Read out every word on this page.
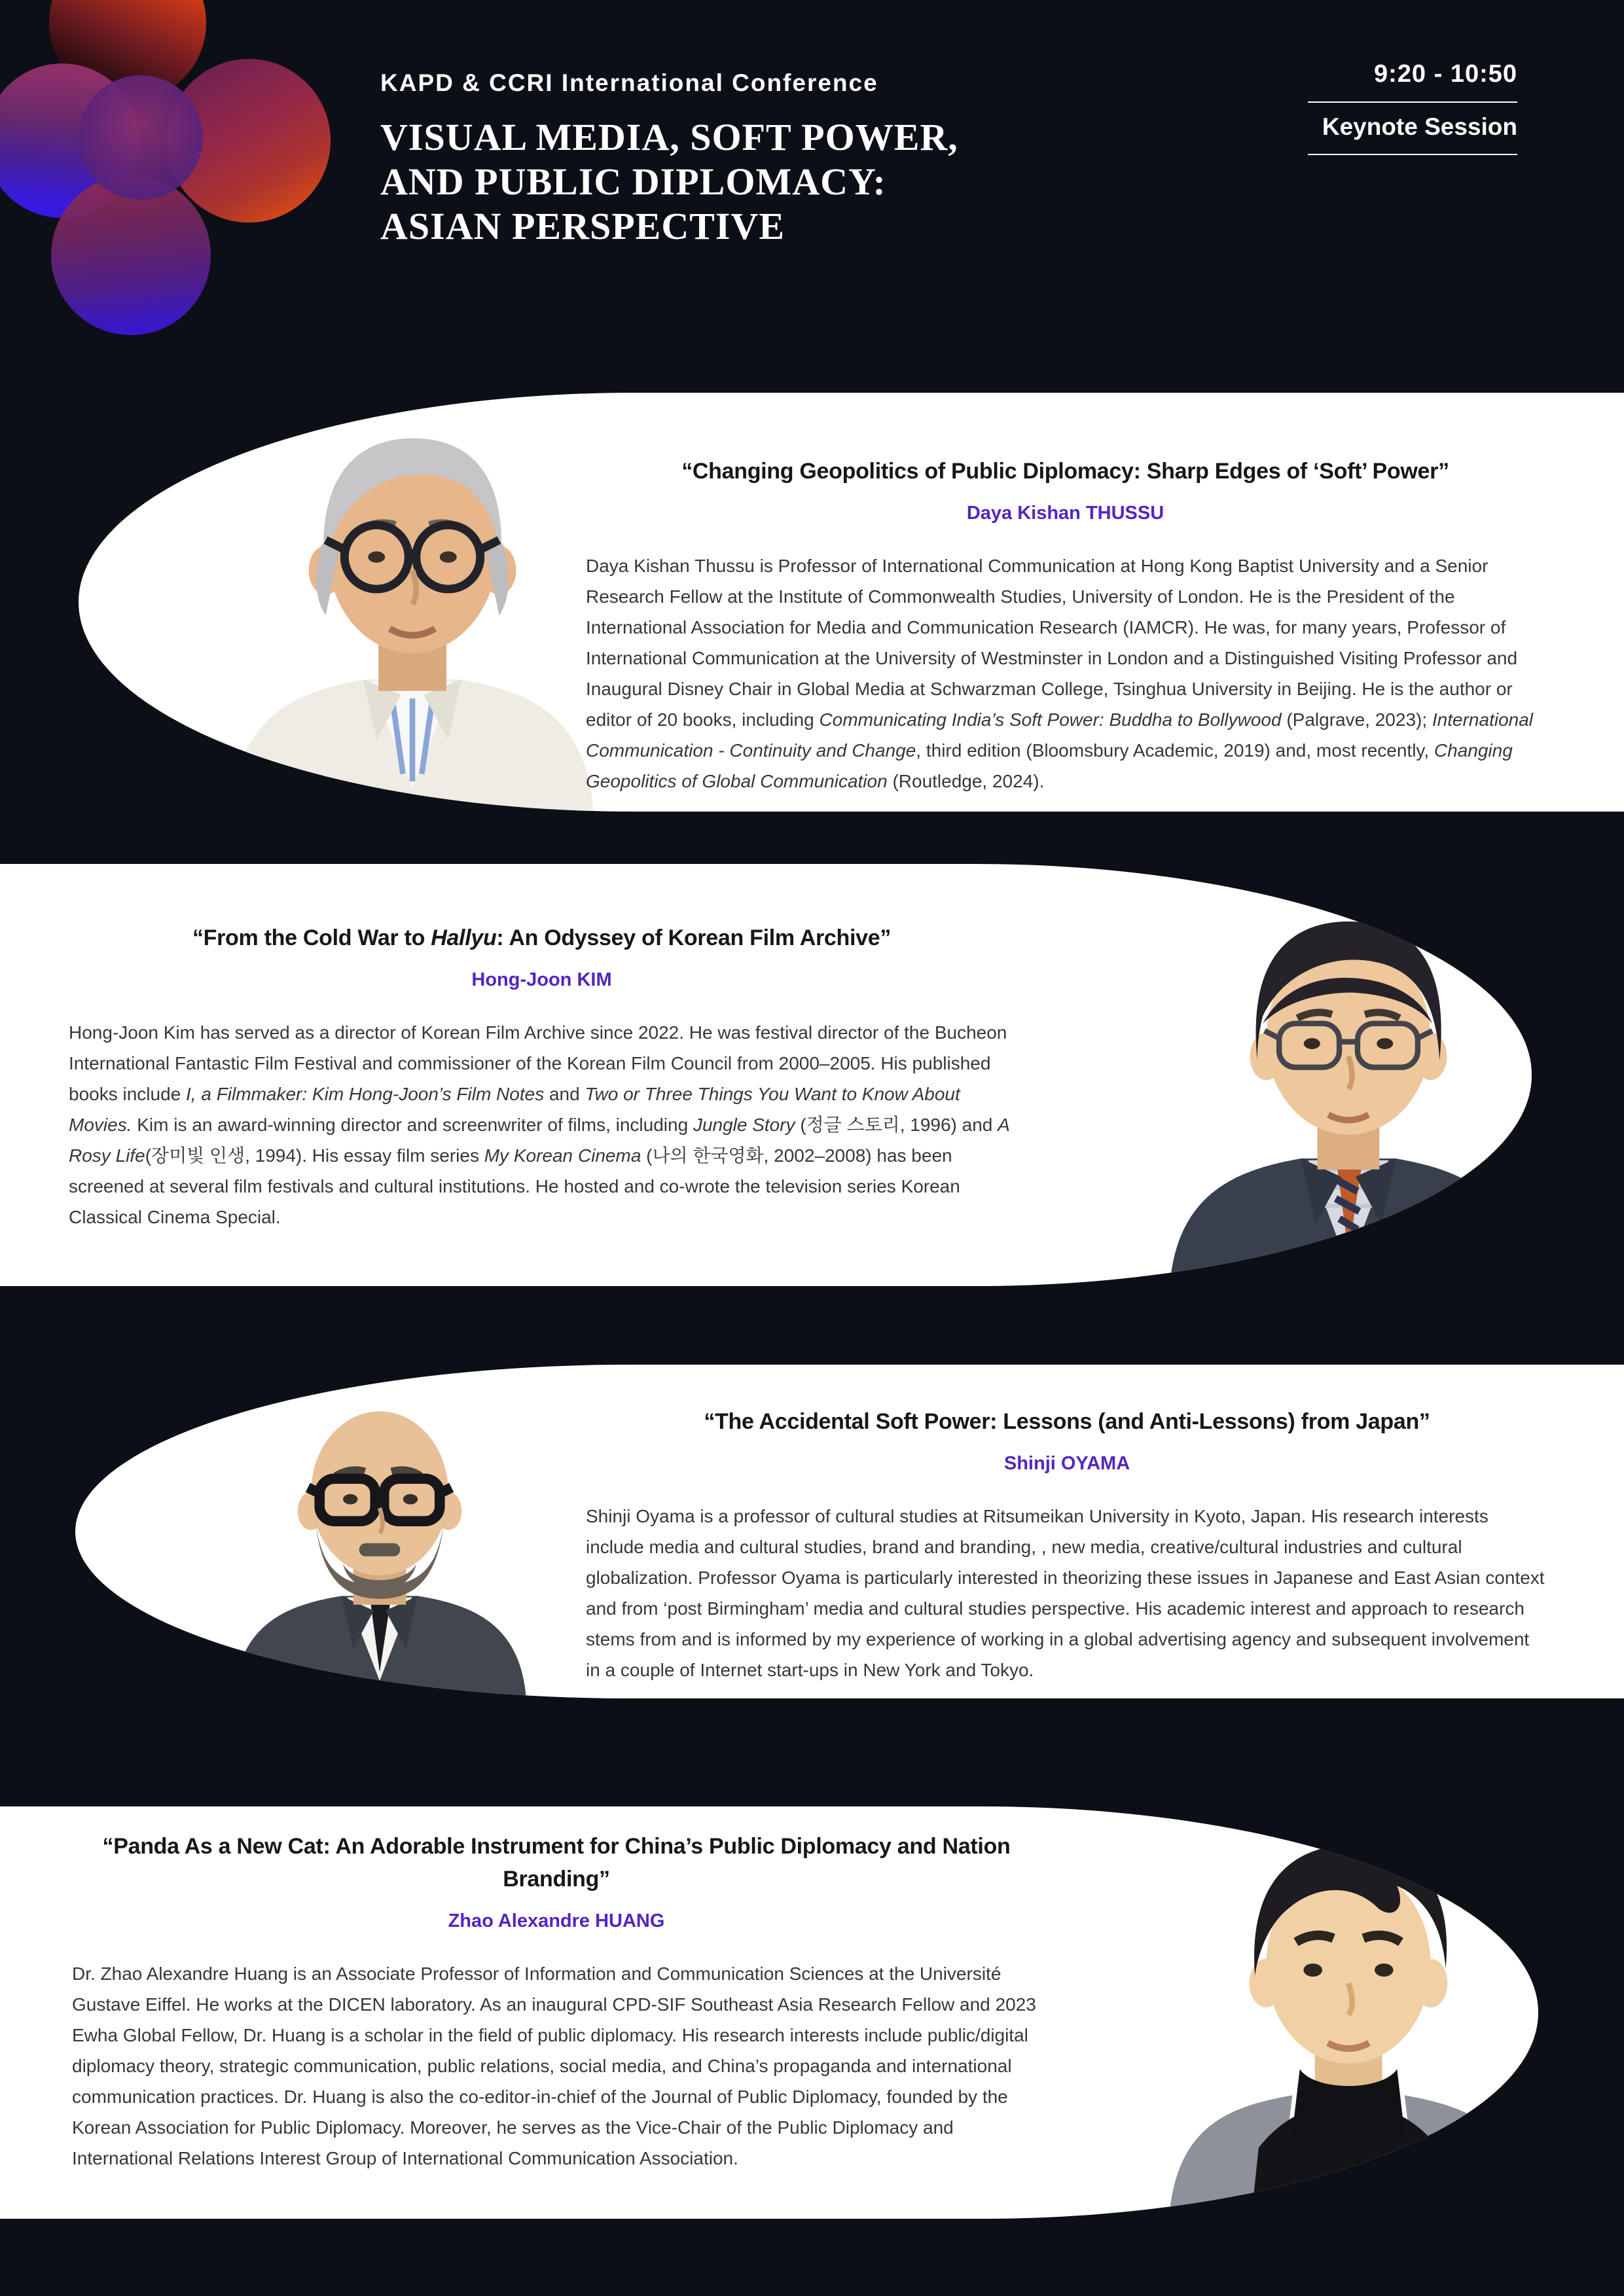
KAPD & CCRI International Conference
VISUAL MEDIA, SOFT POWER,
AND PUBLIC DIPLOMACY:
ASIAN PERSPECTIVE
9:20 - 10:50
Keynote Session
“Changing Geopolitics of Public Diplomacy: Sharp Edges of ‘Soft’ Power”
Daya Kishan THUSSU
Daya Kishan Thussu is Professor of International Communication at Hong Kong Baptist University and a Senior Research Fellow at the Institute of Commonwealth Studies, University of London. He is the President of the International Association for Media and Communication Research (IAMCR). He was, for many years, Professor of International Communication at the University of Westminster in London and a Distinguished Visiting Professor and Inaugural Disney Chair in Global Media at Schwarzman College, Tsinghua University in Beijing. He is the author or editor of 20 books, including Communicating India’s Soft Power: Buddha to Bollywood (Palgrave, 2023); International Communication - Continuity and Change, third edition (Bloomsbury Academic, 2019) and, most recently, Changing Geopolitics of Global Communication (Routledge, 2024).
“From the Cold War to Hallyu: An Odyssey of Korean Film Archive”
Hong-Joon KIM
Hong-Joon Kim has served as a director of Korean Film Archive since 2022. He was festival director of the Bucheon International Fantastic Film Festival and commissioner of the Korean Film Council from 2000–2005. His published books include I, a Filmmaker: Kim Hong-Joon’s Film Notes and Two or Three Things You Want to Know About Movies. Kim is an award-winning director and screenwriter of films, including Jungle Story (정글 스토리, 1996) and A Rosy Life(장미빛 인생, 1994). His essay film series My Korean Cinema (나의 한국영화, 2002–2008) has been screened at several film festivals and cultural institutions. He hosted and co-wrote the television series Korean Classical Cinema Special.
“The Accidental Soft Power: Lessons (and Anti-Lessons) from Japan”
Shinji OYAMA
Shinji Oyama is a professor of cultural studies at Ritsumeikan University in Kyoto, Japan. His research interests include media and cultural studies, brand and branding, , new media, creative/cultural industries and cultural globalization. Professor Oyama is particularly interested in theorizing these issues in Japanese and East Asian context and from ‘post Birmingham’ media and cultural studies perspective. His academic interest and approach to research stems from and is informed by my experience of working in a global advertising agency and subsequent involvement in a couple of Internet start-ups in New York and Tokyo.
“Panda As a New Cat: An Adorable Instrument for China’s Public Diplomacy and Nation Branding”
Zhao Alexandre HUANG
Dr. Zhao Alexandre Huang is an Associate Professor of Information and Communication Sciences at the Université Gustave Eiffel. He works at the DICEN laboratory. As an inaugural CPD-SIF Southeast Asia Research Fellow and 2023 Ewha Global Fellow, Dr. Huang is a scholar in the field of public diplomacy. His research interests include public/digital diplomacy theory, strategic communication, public relations, social media, and China’s propaganda and international communication practices. Dr. Huang is also the co-editor-in-chief of the Journal of Public Diplomacy, founded by the Korean Association for Public Diplomacy. Moreover, he serves as the Vice-Chair of the Public Diplomacy and International Relations Interest Group of International Communication Association.
